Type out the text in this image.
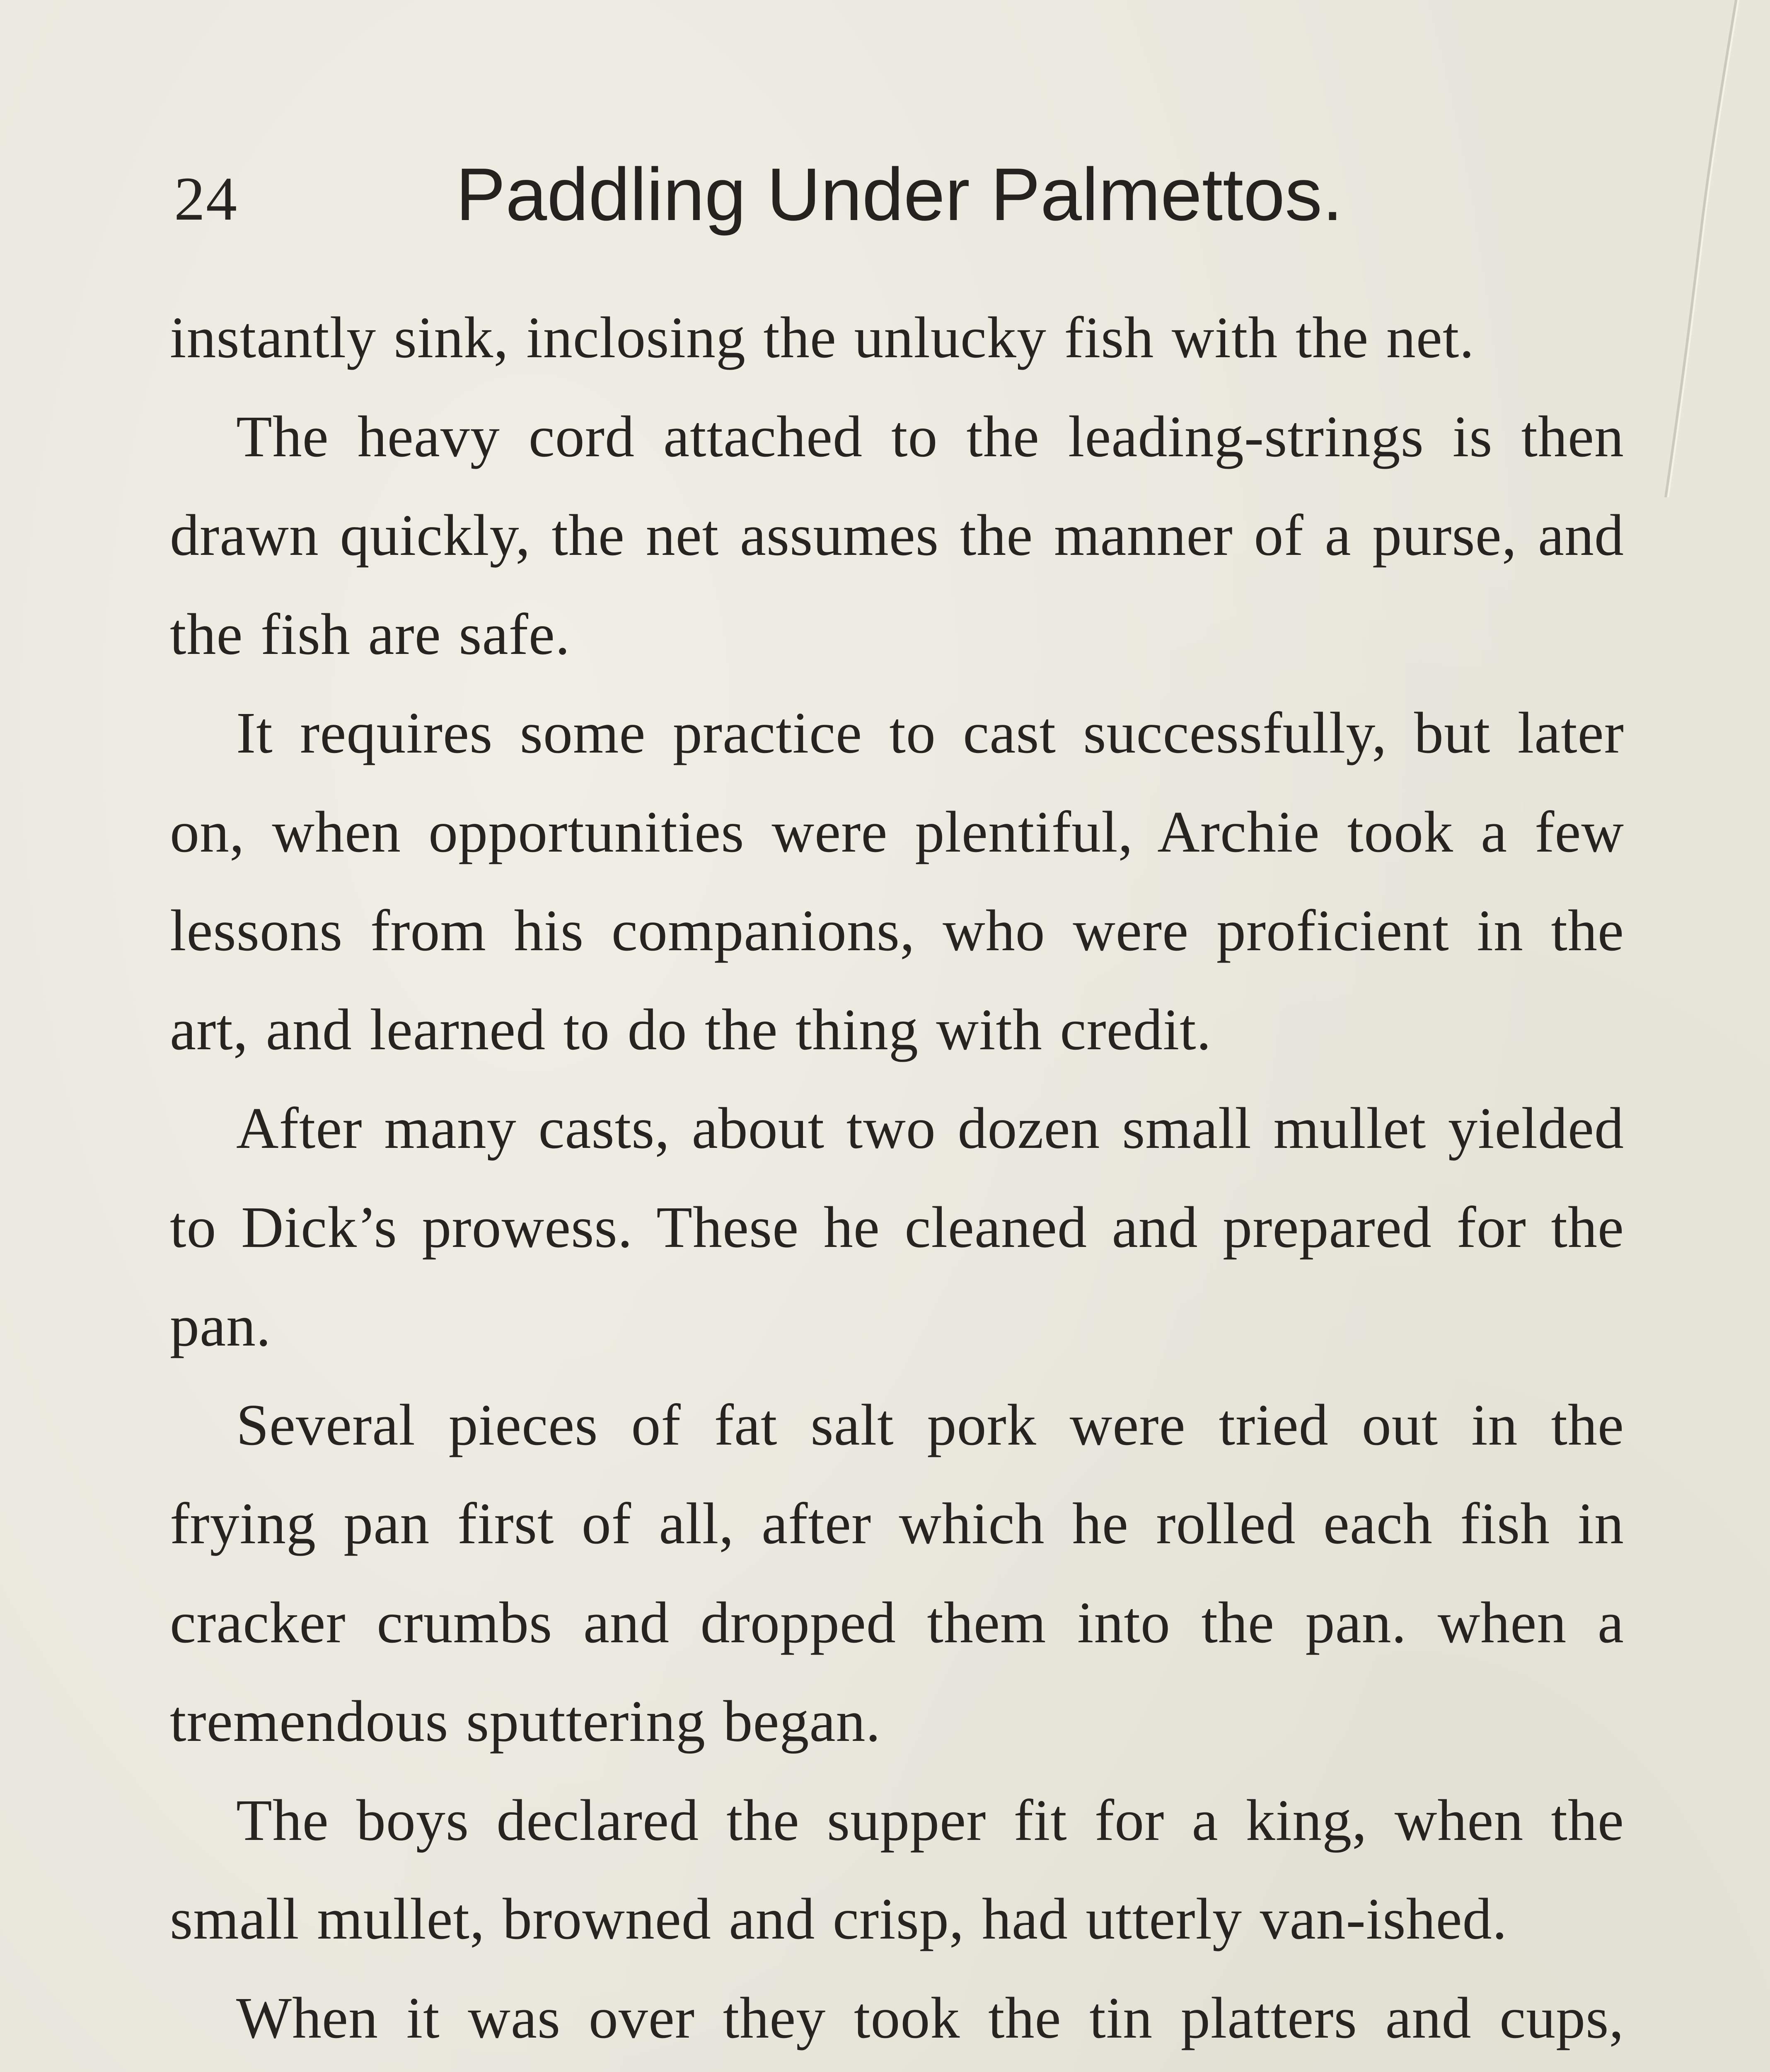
24	Paddling Under Palmettos.

instantly sink, inclosing the unlucky fish with the net.

The heavy cord attached to the leading-strings is then drawn quickly, the net assumes the manner of a purse, and the fish are safe.

It requires some practice to cast successfully, but later on, when opportunities were plentiful, Archie took a few lessons from his companions, who were proficient in the art, and learned to do the thing with credit.

After many casts, about two dozen small mullet yielded to Dick’s prowess. These he cleaned and prepared for the pan.

Several pieces of fat salt pork were tried out in the frying pan first of all, after which he rolled each fish in cracker crumbs and dropped them into the pan. when a tremendous sputtering began.

The boys declared the supper fit for a king, when the small mullet, browned and crisp, had utterly van-ished.

When it was over they took the tin platters and cups,
